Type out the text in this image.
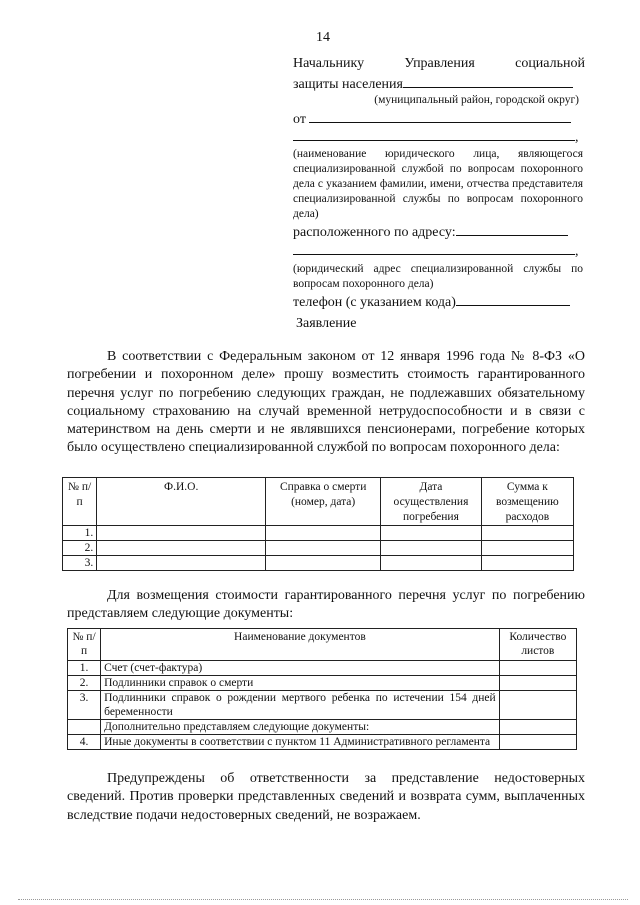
14
Начальнику Управления социальной
защиты населения
(муниципальный район, городской округ)
от
,
(наименование юридического лица, являющегося специализированной службой по вопросам похоронного дела с указанием фамилии, имени, отчества представителя специализированной службы по вопросам похоронного дела)
расположенного по адресу:
,
(юридический адрес специализированной службы по вопросам похоронного дела)
телефон (с указанием кода)
Заявление
В соответствии с Федеральным законом от 12 января 1996 года № 8-ФЗ «О погребении и похоронном деле» прошу возместить стоимость гарантированного перечня услуг по погребению следующих граждан, не подлежавших обязательному социальному страхованию на случай временной нетрудоспособности и в связи с материнством на день смерти и не являвшихся пенсионерами, погребение которых было осуществлено специализированной службой по вопросам похоронного дела:
№ п/п	Ф.И.О.	Справка о смерти (номер, дата)	Дата осуществления погребения	Сумма к возмещению расходов
1.				
2.				
3.				
Для возмещения стоимости гарантированного перечня услуг по погребению представляем следующие документы:
№ п/п	Наименование документов	Количество листов
1.	Счет (счет-фактура)	
2.	Подлинники справок о смерти	
3.	Подлинники справок о рождении мертвого ребенка по истечении 154 дней беременности	
	Дополнительно представляем следующие документы:	
4.	Иные документы в соответствии с пунктом 11 Административного регламента	
Предупреждены об ответственности за представление недостоверных сведений. Против проверки представленных сведений и возврата сумм, выплаченных вследствие подачи недостоверных сведений, не возражаем.
